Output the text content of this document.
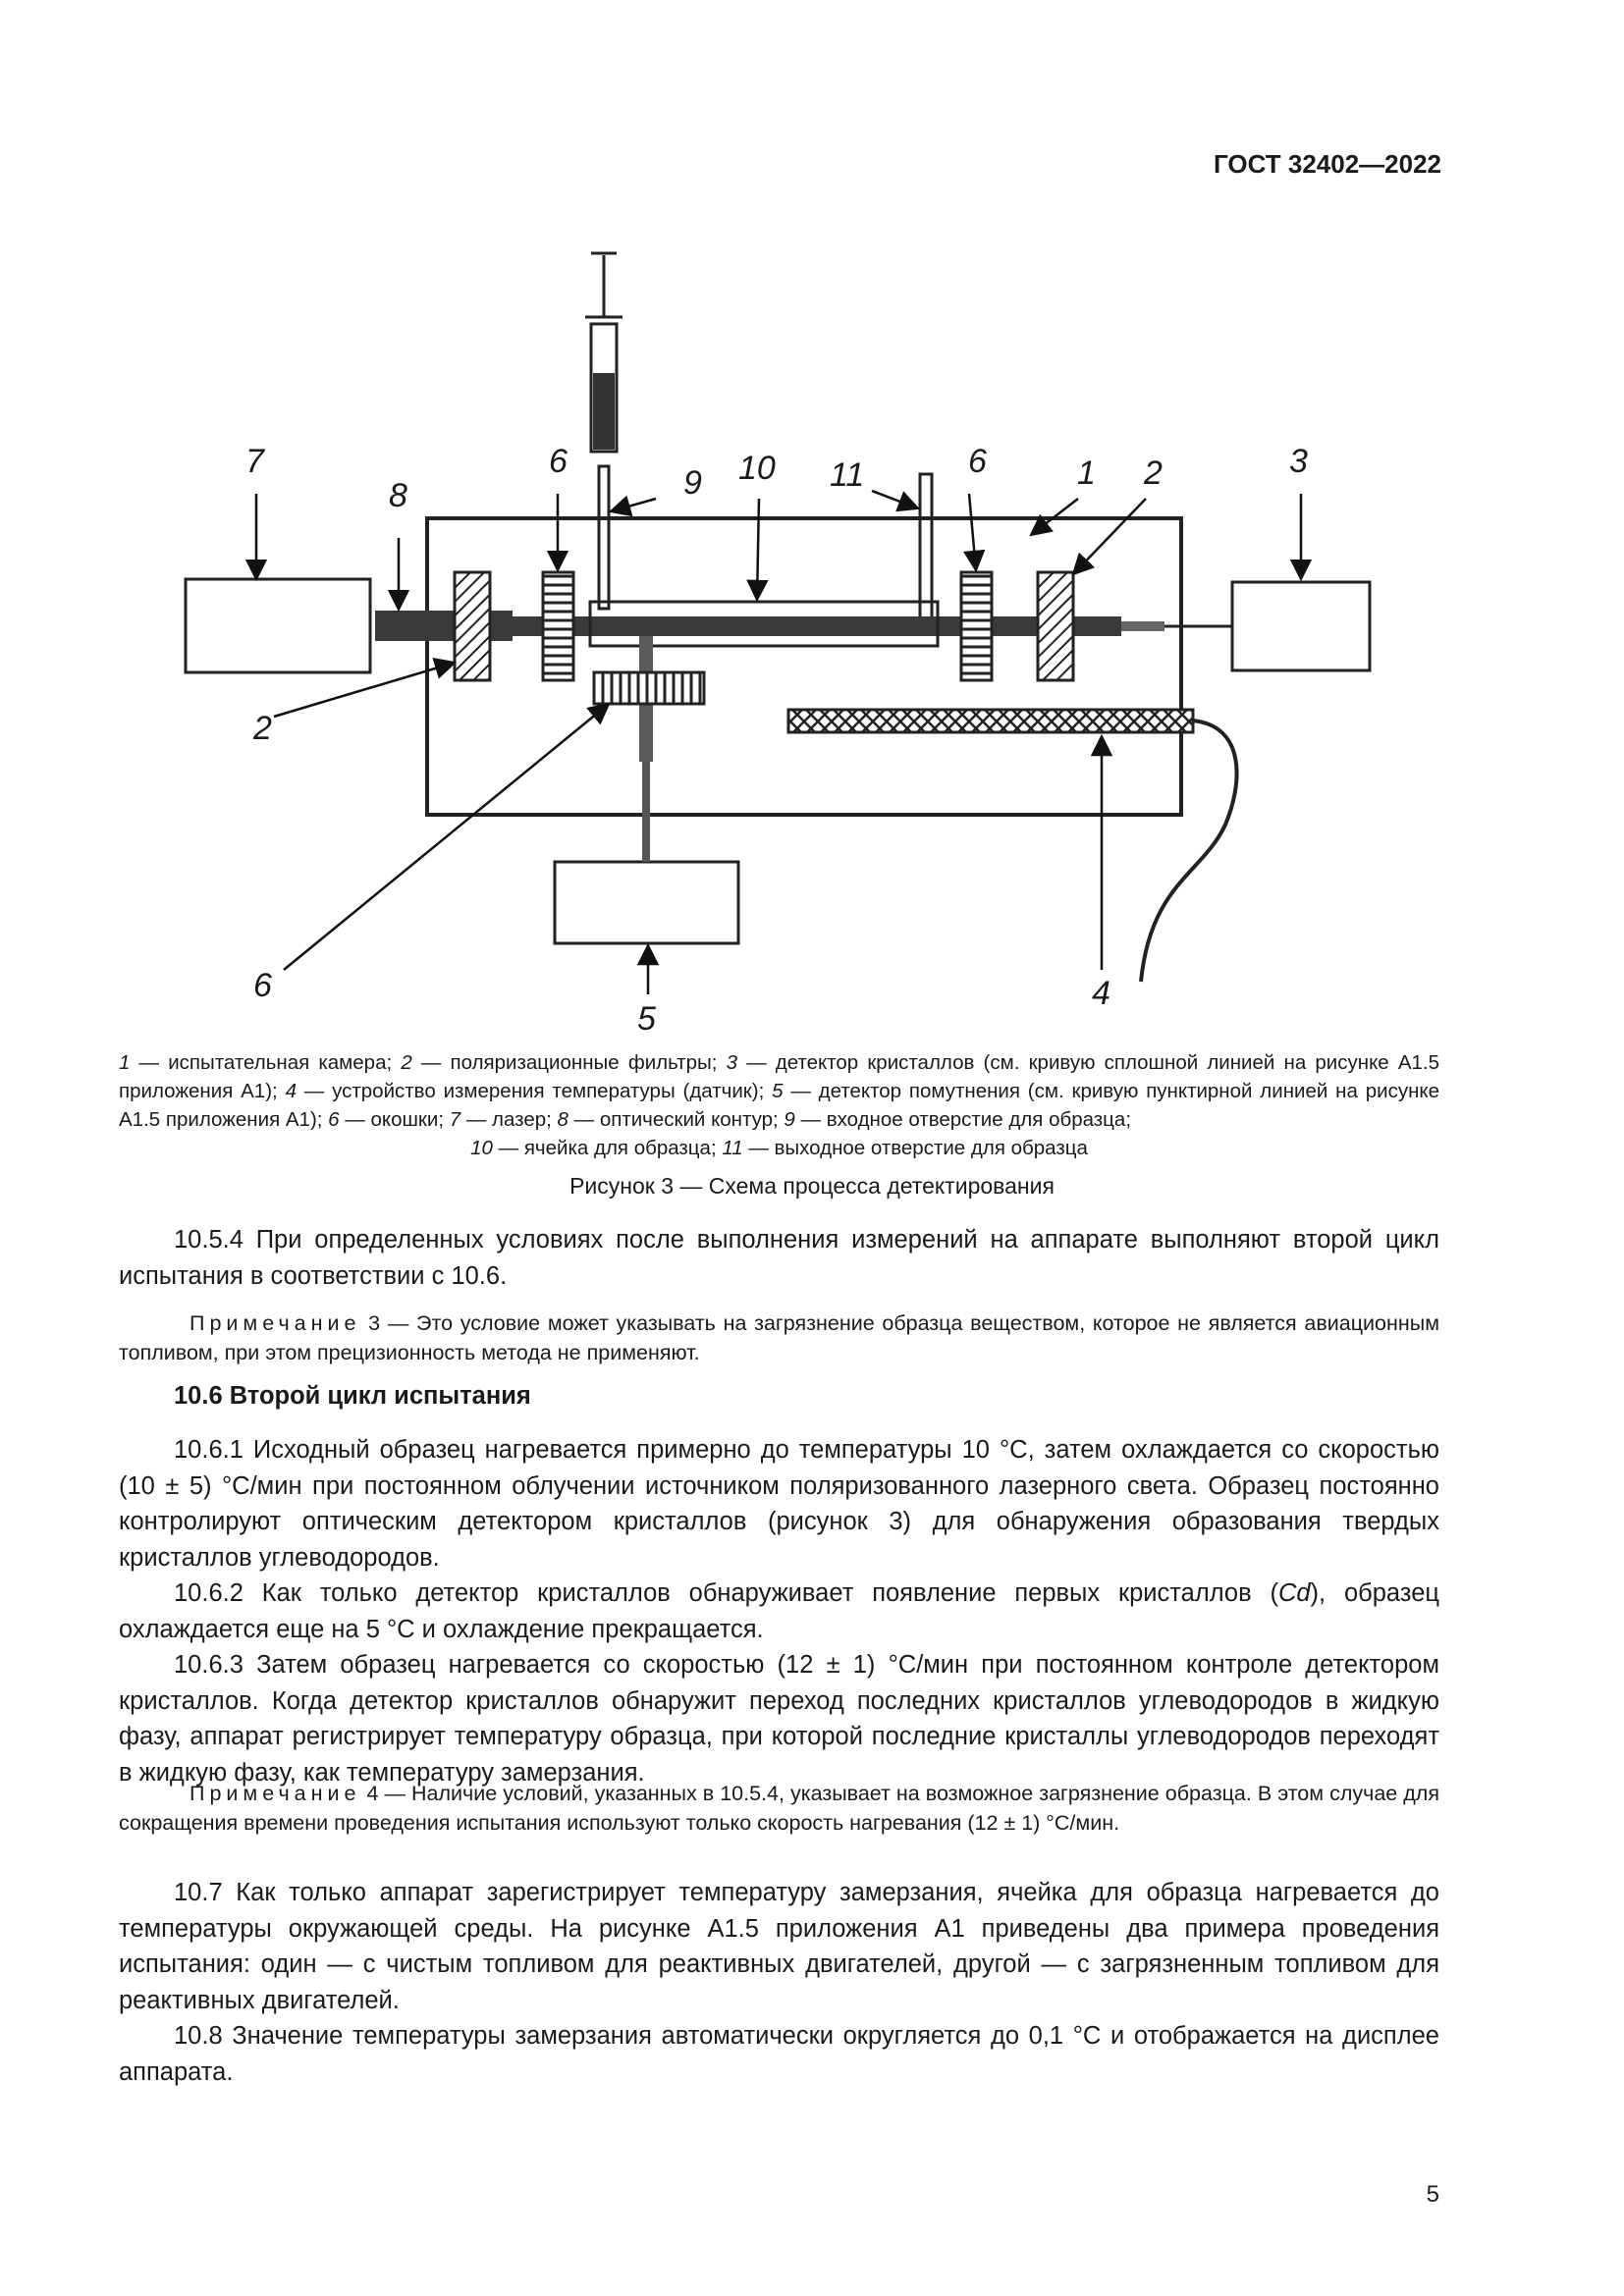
ГОСТ 32402—2022
7
8
6
9 10 11	6	1 2	3
2
6
5
4
1 — испытательная камера; 2 — поляризационные фильтры; 3 — детектор кристаллов (см. кривую сплошной линией на рисунке А1.5 приложения А1); 4 — устройство измерения температуры (датчик); 5 — детектор помутнения (см. кривую пунктирной линией на рисунке А1.5 приложения А1); 6 — окошки; 7 — лазер; 8 — оптический контур; 9 — входное отверстие для образца;
10 — ячейка для образца; 11 — выходное отверстие для образца
Рисунок 3 — Схема процесса детектирования

10.5.4 При определенных условиях после выполнения измерений на аппарате выполняют второй цикл испытания в соответствии с 10.6.

Примечание 3 — Это условие может указывать на загрязнение образца веществом, которое не является авиационным топливом, при этом прецизионность метода не применяют.

10.6 Второй цикл испытания

10.6.1 Исходный образец нагревается примерно до температуры 10 °С, затем охлаждается со скоростью (10 ± 5) °С/мин при постоянном облучении источником поляризованного лазерного света. Образец постоянно контролируют оптическим детектором кристаллов (рисунок 3) для обнаружения образования твердых кристаллов углеводородов.

10.6.2 Как только детектор кристаллов обнаруживает появление первых кристаллов (Cd), образец охлаждается еще на 5 °С и охлаждение прекращается.

10.6.3 Затем образец нагревается со скоростью (12 ± 1) °С/мин при постоянном контроле детектором кристаллов. Когда детектор кристаллов обнаружит переход последних кристаллов углеводородов в жидкую фазу, аппарат регистрирует температуру образца, при которой последние кристаллы углеводородов переходят в жидкую фазу, как температуру замерзания.

Примечание 4 — Наличие условий, указанных в 10.5.4, указывает на возможное загрязнение образца. В этом случае для сокращения времени проведения испытания используют только скорость нагревания (12 ± 1) °С/мин.

10.7 Как только аппарат зарегистрирует температуру замерзания, ячейка для образца нагревается до температуры окружающей среды. На рисунке А1.5 приложения А1 приведены два примера проведения испытания: один — с чистым топливом для реактивных двигателей, другой — с загрязненным топливом для реактивных двигателей.

10.8 Значение температуры замерзания автоматически округляется до 0,1 °С и отображается на дисплее аппарата.

5
